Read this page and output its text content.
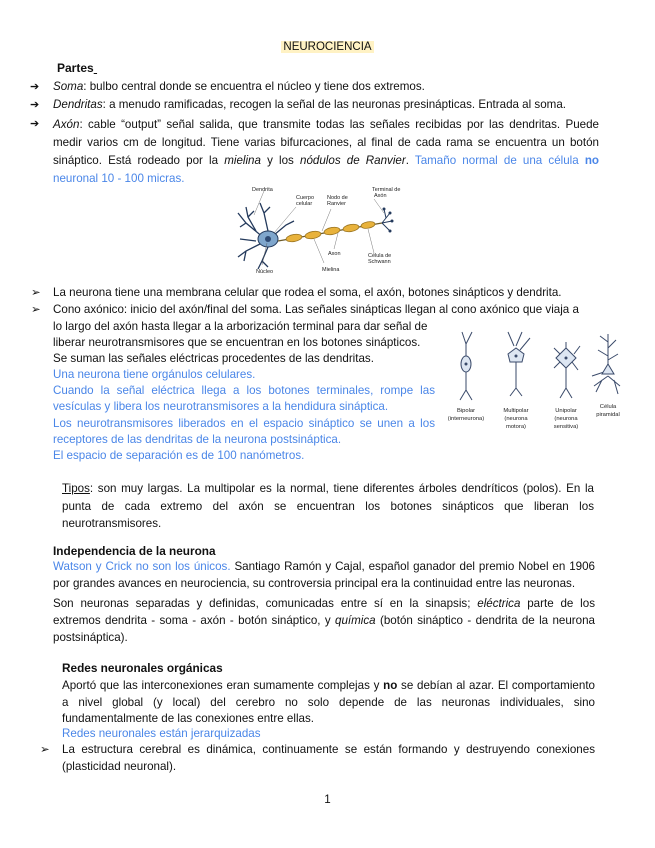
NEUROCIENCIA
Partes
➔ Soma: bulbo central donde se encuentra el núcleo y tiene dos extremos.
➔ Dendritas: a menudo ramificadas, recogen la señal de las neuronas presinápticas. Entrada al soma.
➔ Axón: cable “output” señal salida, que transmite todas las señales recibidas por las dendritas. Puede medir varios cm de longitud. Tiene varias bifurcaciones, al final de cada rama se encuentra un botón sináptico. Está rodeado por la mielina y los nódulos de Ranvier. Tamaño normal de una célula no neuronal 10 - 100 micras.
Dendrita
Cuerpo
celular
Nodo de
Ranvier
Terminal de
Axón
Axon	Célula de
Schwann
Núcleo	Mielina
➢ La neurona tiene una membrana celular que rodea el soma, el axón, botones sinápticos y dendrita.
➢ Cono axónico: inicio del axón/final del soma. Las señales sinápticas llegan al cono axónico que viaja a
lo largo del axón hasta llegar a la arborización terminal para dar señal de
liberar neurotransmisores que se encuentran en los botones sinápticos.
Se suman las señales eléctricas procedentes de las dendritas.
Una neurona tiene orgánulos celulares.
Cuando la señal eléctrica llega a los botones terminales, rompe las
vesículas y libera los neurotransmisores a la hendidura sináptica.
Los neurotransmisores liberados en el espacio sináptico se unen a los
receptores de las dendritas de la neurona postsináptica.
El espacio de separación es de 100 nanómetros.
Bipolar
(interneurona)
Multipolar
(neurona
motora)
Unipolar
(neurona
sensitiva)
Célula
piramidal
Tipos: son muy largas. La multipolar es la normal, tiene diferentes árboles dendríticos (polos). En la punta de cada extremo del axón se encuentran los botones sinápticos que liberan los neurotransmisores.
Independencia de la neurona
Watson y Crick no son los únicos. Santiago Ramón y Cajal, español ganador del premio Nobel en 1906 por grandes avances en neurociencia, su controversia principal era la continuidad entre las neuronas.
Son neuronas separadas y definidas, comunicadas entre sí en la sinapsis; eléctrica parte de los extremos dendrita - soma - axón - botón sináptico, y química (botón sináptico - dendrita de la neurona postsináptica).
Redes neuronales orgánicas
Aportó que las interconexiones eran sumamente complejas y no se debían al azar. El comportamiento a nivel global (y local) del cerebro no solo depende de las neuronas individuales, sino fundamentalmente de las conexiones entre ellas.
Redes neuronales están jerarquizadas
➢ La estructura cerebral es dinámica, continuamente se están formando y destruyendo conexiones (plasticidad neuronal).
1
